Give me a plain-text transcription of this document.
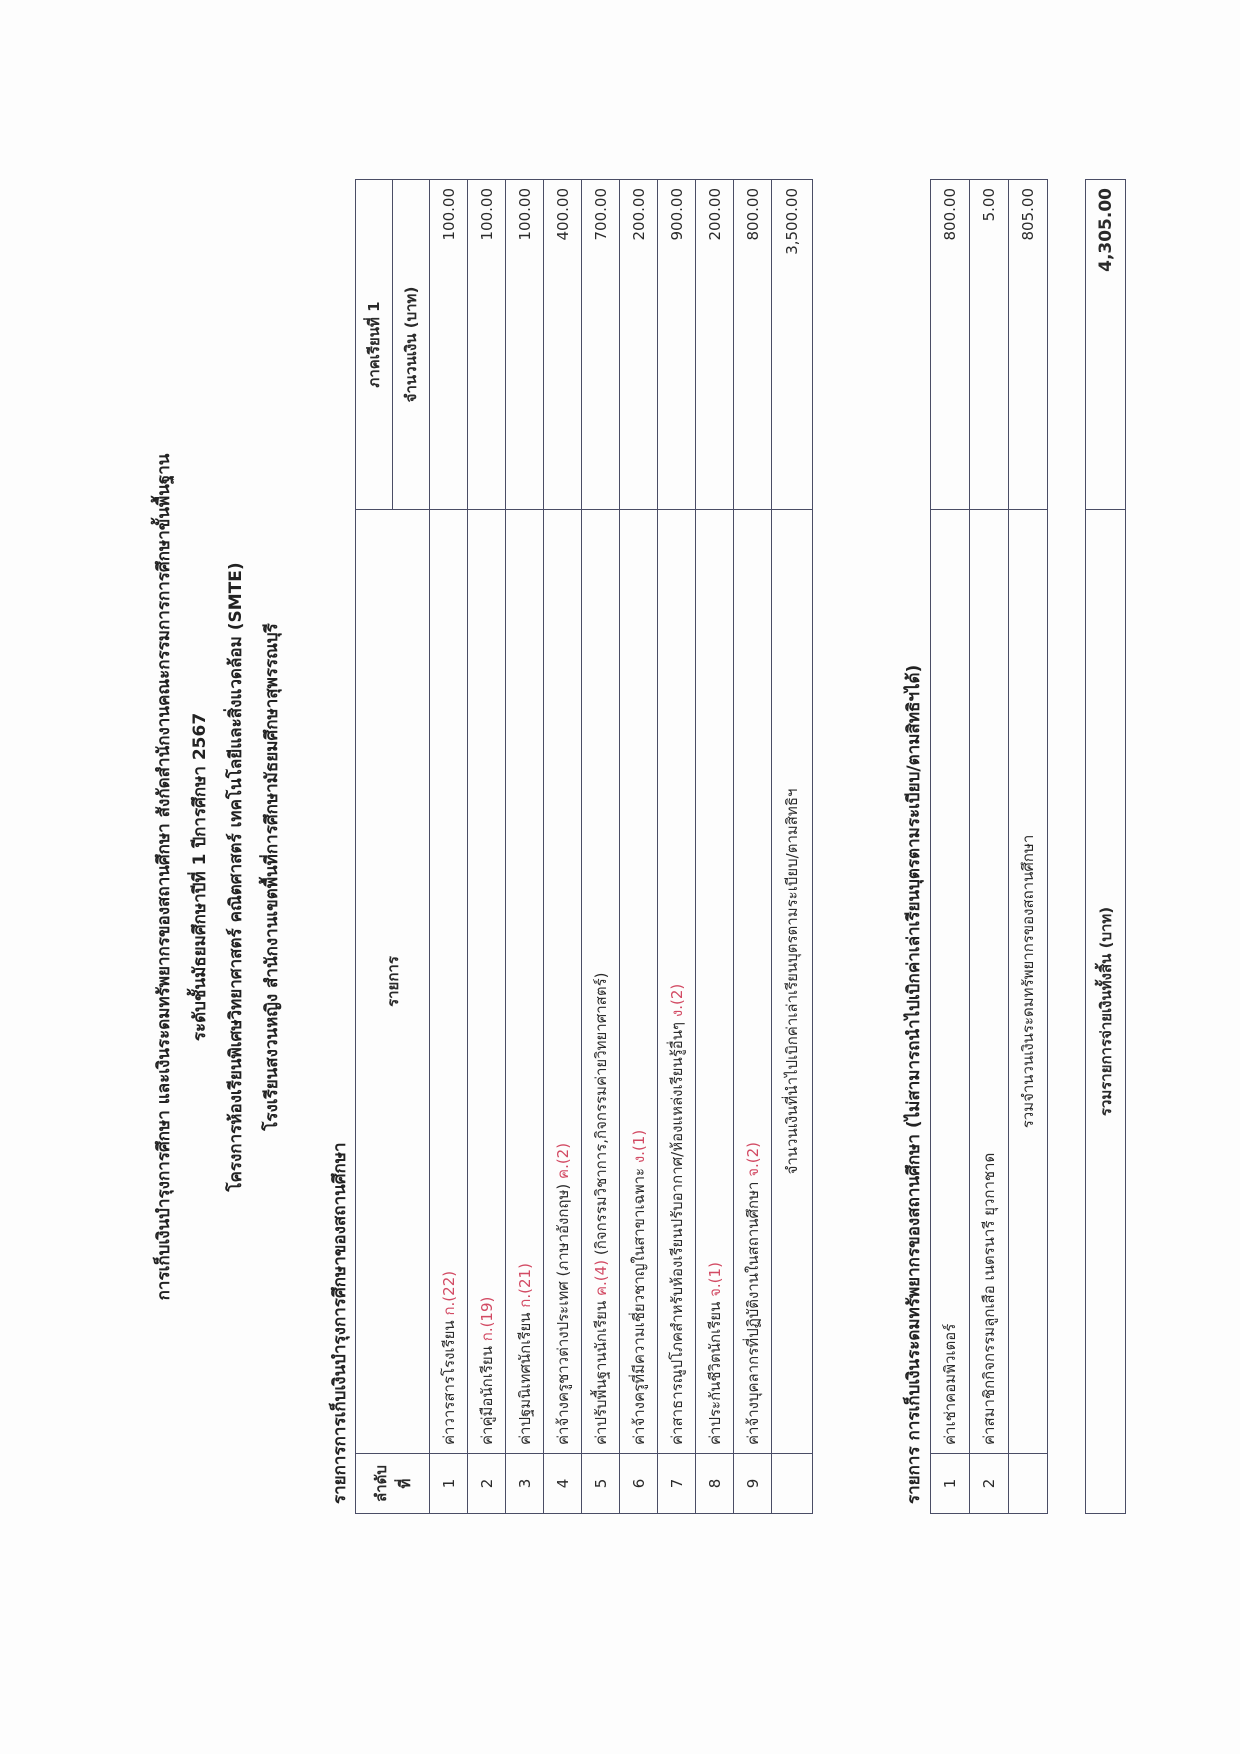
การเก็บเงินบำรุงการศึกษา และเงินระดมทรัพยากรของสถานศึกษา สังกัดสำนักงานคณะกรรมการการศึกษาขั้นพื้นฐาน ระดับชั้นมัธยมศึกษาปีที่ 1 ปีการศึกษา 2567 โครงการห้องเรียนพิเศษวิทยาศาสตร์ คณิตศาสตร์ เทคโนโลยีและสิ่งแวดล้อม (SMTE) โรงเรียนสงวนหญิง สำนักงานเขตพื้นที่การศึกษามัธยมศึกษาสุพรรณบุรี
รายการการเก็บเงินบำรุงการศึกษาของสถานศึกษา ลำดับที่	รายการ	ภาคเรียนที่ 1
		จำนวนเงิน (บาท)
1	ค่าวารสารโรงเรียน ก.(22)	100.00
2	ค่าคู่มือนักเรียน ก.(19)	100.00
3	ค่าปฐมนิเทศนักเรียน ก.(21)	100.00
4	ค่าจ้างครูชาวต่างประเทศ (ภาษาอังกฤษ) ค.(2)	400.00
5	ค่าปรับพื้นฐานนักเรียน ค.(4) (กิจกรรมวิชาการ,กิจกรรมค่ายวิทยาศาสตร์)	700.00
6	ค่าจ้างครูที่มีความเชี่ยวชาญในสาขาเฉพาะ ง.(1)	200.00
7	ค่าสาธารณูปโภคสำหรับห้องเรียนปรับอากาศ/ห้องแหล่งเรียนรู้อื่นๆ ง.(2)	900.00
8	ค่าประกันชีวิตนักเรียน จ.(1)	200.00
9	ค่าจ้างบุคลากรที่ปฏิบัติงานในสถานศึกษา จ.(2)	800.00
	จำนวนเงินที่นำไปเบิกค่าเล่าเรียนบุตรตามระเบียบ/ตามสิทธิฯ	3,500.00
รายการ การเก็บเงินระดมทรัพยากรของสถานศึกษา (ไม่สามารถนำไปเบิกค่าเล่าเรียนบุตรตามระเบียบ/ตามสิทธิฯได้) 1	ค่าเช่าคอมพิวเตอร์	800.00
2	ค่าสมาชิกกิจกรรมลูกเสือ เนตรนารี ยุวกาชาด	5.00
	รวมจำนวนเงินระดมทรัพยากรของสถานศึกษา	805.00
รวมรายการจ่ายเงินทั้งสิ้น (บาท)	4,305.00
